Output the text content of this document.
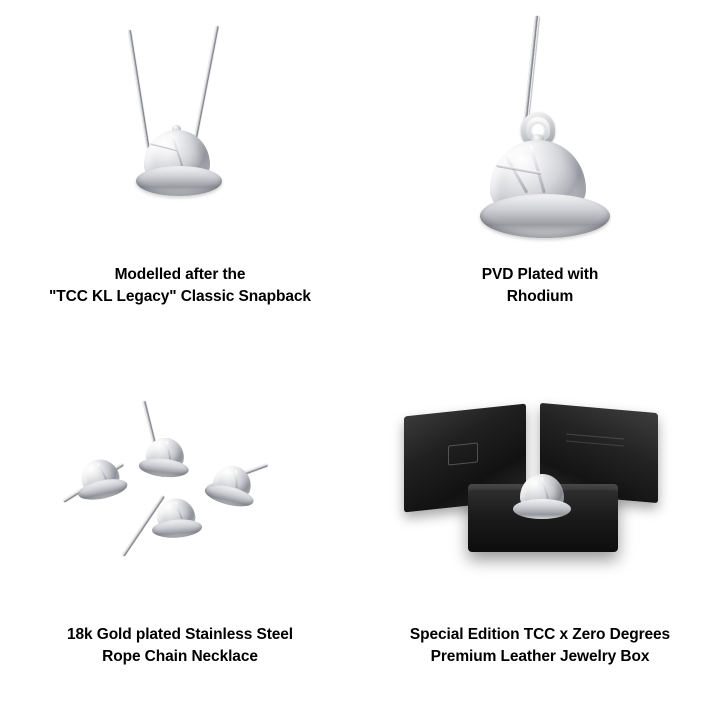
Modelled after the
"TCC KL Legacy" Classic Snapback
PVD Plated with
Rhodium
18k Gold plated Stainless Steel
Rope Chain Necklace
Special Edition TCC x Zero Degrees
Premium Leather Jewelry Box
